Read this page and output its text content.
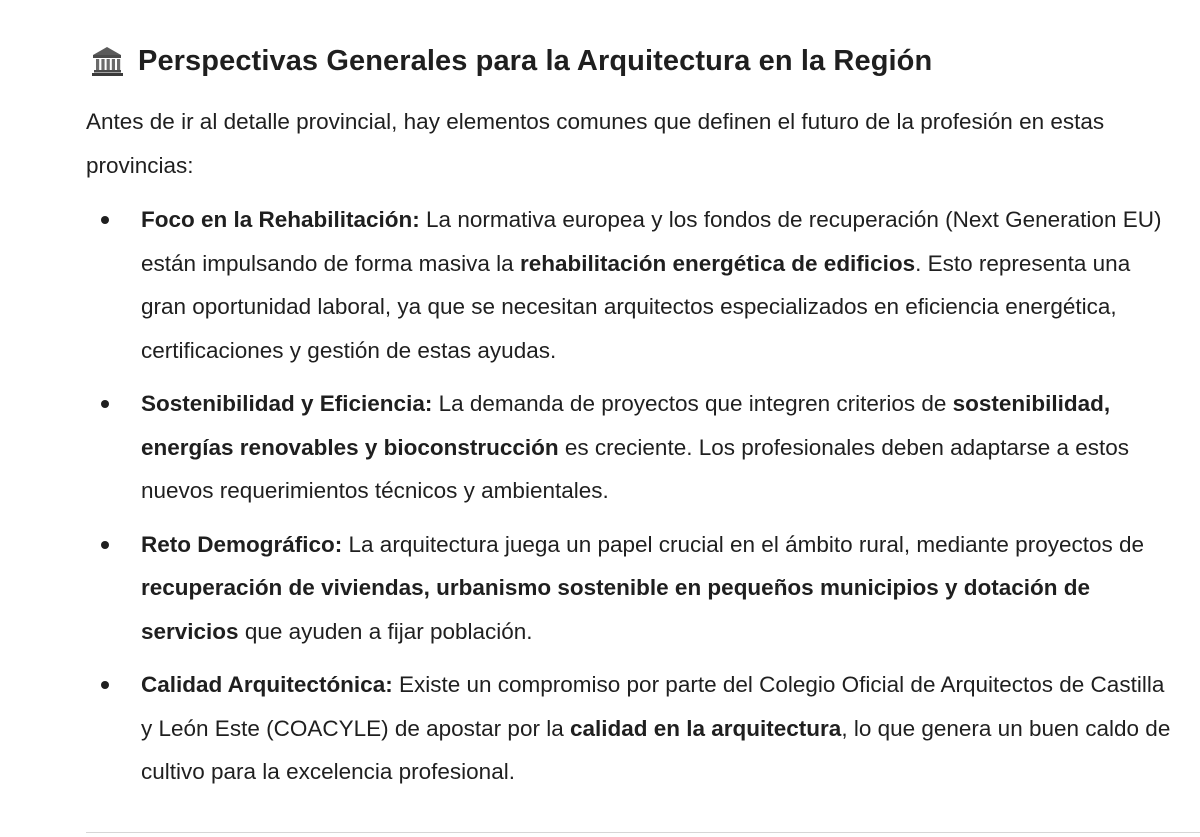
Perspectivas Generales para la Arquitectura en la Región

Antes de ir al detalle provincial, hay elementos comunes que definen el futuro de la profesión en estas provincias:

Foco en la Rehabilitación: La normativa europea y los fondos de recuperación (Next Generation EU) están impulsando de forma masiva la rehabilitación energética de edificios. Esto representa una gran oportunidad laboral, ya que se necesitan arquitectos especializados en eficiencia energética, certificaciones y gestión de estas ayudas.
Sostenibilidad y Eficiencia: La demanda de proyectos que integren criterios de sostenibilidad, energías renovables y bioconstrucción es creciente. Los profesionales deben adaptarse a estos nuevos requerimientos técnicos y ambientales.
Reto Demográfico: La arquitectura juega un papel crucial en el ámbito rural, mediante proyectos de recuperación de viviendas, urbanismo sostenible en pequeños municipios y dotación de servicios que ayuden a fijar población.
Calidad Arquitectónica: Existe un compromiso por parte del Colegio Oficial de Arquitectos de Castilla y León Este (COACYLE) de apostar por la calidad en la arquitectura, lo que genera un buen caldo de cultivo para la excelencia profesional.
